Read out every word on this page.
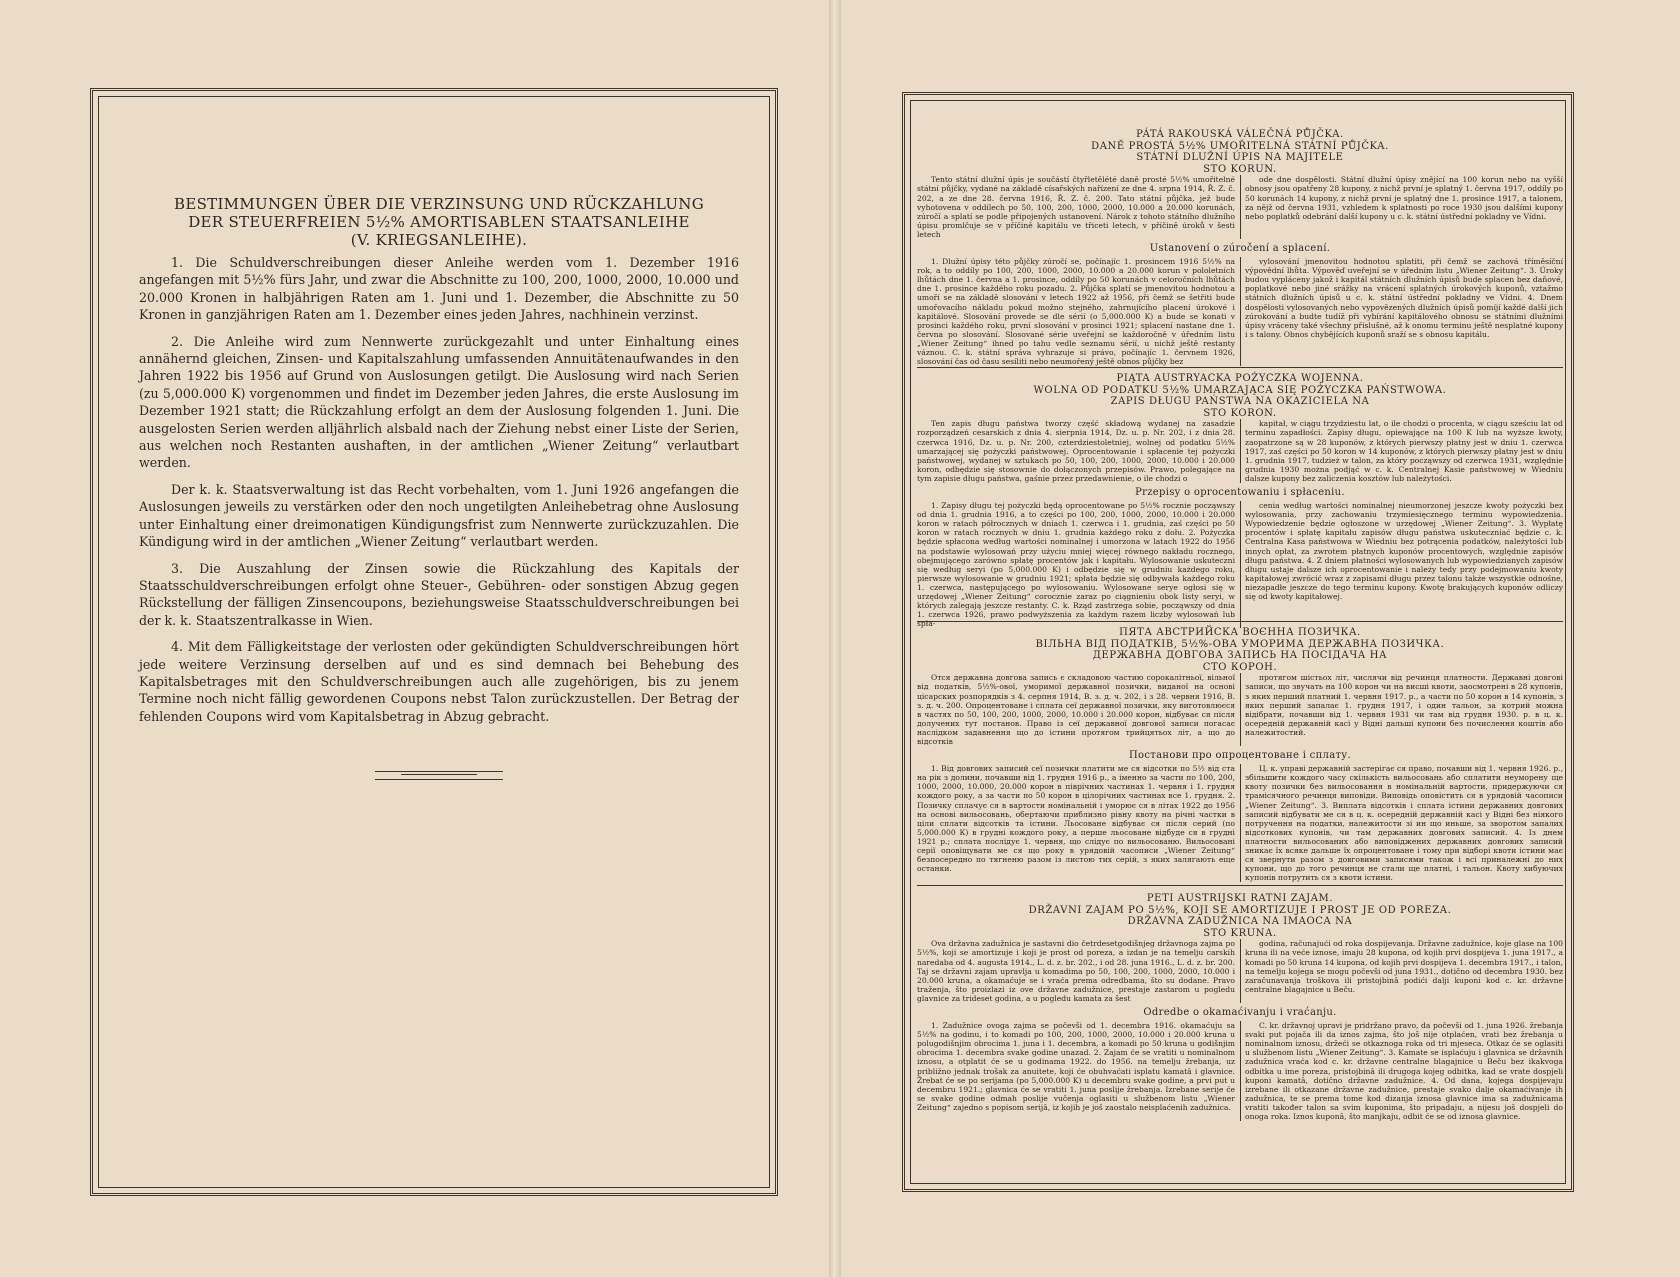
BESTIMMUNGEN ÜBER DIE VERZINSUNG UND RÜCKZAHLUNG
DER STEUERFREIEN 5½% AMORTISABLEN STAATSANLEIHE
(V. KRIEGSANLEIHE).

1. Die Schuldverschreibungen dieser Anleihe werden vom 1. Dezember 1916 angefangen mit 5½% fürs Jahr, und zwar die Abschnitte zu 100, 200, 1000, 2000, 10.000 und 20.000 Kronen in halbjährigen Raten am 1. Juni und 1. Dezember, die Abschnitte zu 50 Kronen in ganzjährigen Raten am 1. Dezember eines jeden Jahres, nachhinein verzinst.

2. Die Anleihe wird zum Nennwerte zurückgezahlt und unter Einhaltung eines annähernd gleichen, Zinsen- und Kapitalszahlung umfassenden Annuitätenaufwandes in den Jahren 1922 bis 1956 auf Grund von Auslosungen getilgt. Die Auslosung wird nach Serien (zu 5,000.000 K) vorgenommen und findet im Dezember jeden Jahres, die erste Auslosung im Dezember 1921 statt; die Rückzahlung erfolgt an dem der Auslosung folgenden 1. Juni. Die ausgelosten Serien werden alljährlich alsbald nach der Ziehung nebst einer Liste der Serien, aus welchen noch Restanten aushaften, in der amtlichen „Wiener Zeitung“ verlautbart werden.

Der k. k. Staatsverwaltung ist das Recht vorbehalten, vom 1. Juni 1926 angefangen die Auslosungen jeweils zu verstärken oder den noch ungetilgten Anleihebetrag ohne Auslosung unter Einhaltung einer dreimonatigen Kündigungsfrist zum Nennwerte zurückzuzahlen. Die Kündigung wird in der amtlichen „Wiener Zeitung“ verlautbart werden.

3. Die Auszahlung der Zinsen sowie die Rückzahlung des Kapitals der Staatsschuldverschreibungen erfolgt ohne Steuer-, Gebühren- oder sonstigen Abzug gegen Rückstellung der fälligen Zinsencoupons, beziehungsweise Staatsschuldverschreibungen bei der k. k. Staatszentralkasse in Wien.

4. Mit dem Fälligkeitstage der verlosten oder gekündigten Schuldverschreibungen hört jede weitere Verzinsung derselben auf und es sind demnach bei Behebung des Kapitalsbetrages mit den Schuldverschreibungen auch alle zugehörigen, bis zu jenem Termine noch nicht fällig gewordenen Coupons nebst Talon zurückzustellen. Der Betrag der fehlenden Coupons wird vom Kapitalsbetrag in Abzug gebracht.

PÁTÁ RAKOUSKÁ VÁLEČNÁ PŮJČKA.
DANĚ PROSTÁ 5½% UMOŘITELNÁ STÁTNÍ PŮJČKA.
STÁTNÍ DLUŽNÍ ÚPIS NA MAJITELE
STO KORUN.

Tento státní dlužní úpis je součástí čtyřletělété daně prosté 5½% umořitelné státní půjčky, vydané na základě císařských nařízení ze dne 4. srpna 1914, Ř. Z. č. 202, a ze dne 28. června 1916, Ř. Z. č. 200. Tato státní půjčka, jež bude vyhotovena v oddílech po 50, 100, 200, 1000, 2000, 10.000 a 20.000 korunách, zúročí a splatí se podle připojených ustanovení. Nárok z tohoto státního dlužního úpisu promlčuje se v příčině kapitálu ve třiceti letech, v příčině úroků v šesti letech

ode dne dospělosti. Státní dlužní úpisy znějící na 100 korun nebo na vyšší obnosy jsou opatřeny 28 kupony, z nichž první je splatný 1. června 1917, oddíly po 50 korunách 14 kupony, z nichž první je splatný dne 1. prosince 1917, a talonem, za nějž od června 1931, vzhledem k splatnosti po roce 1930 jsou dalšími kupony nebo poplatků odebrání další kupony u c. k. státní ústřední pokladny ve Vídni.

Ustanovení o zúročení a splacení.

1. Dlužní úpisy této půjčky zúročí se, počínajíc 1. prosincem 1916 5½% na rok, a to oddíly po 100, 200, 1000, 2000, 10.000 a 20.000 korun v pololetních lhůtách dne 1. června a 1. prosince, oddíly po 50 korunách v celoročních lhůtách dne 1. prosince každého roku pozadu. 2. Půjčka splatí se jmenovitou hodnotou a umoří se na základě slosování v letech 1922 až 1956, při čemž se šetřiti bude umořovacího nákladu pokud možno stejného, zahrnujícího placení úrokové i kapitálové. Slosování provede se dle sérií (o 5,000.000 K) a bude se konati v prosinci každého roku, první slosování v prosinci 1921; splacení nastane dne 1. června po slosování. Slosované série uveřejní se každoročně v úředním listu „Wiener Zeitung“ ihned po tahu vedle seznamu sérií, u nichž ještě restanty váznou. C. k. státní správa vyhrazuje si právo, počínajíc 1. červnem 1926, slosování čas od času sesíliti nebo neumořený ještě obnos půjčky bez

vylosování jmenovitou hodnotou splatiti, při čemž se zachová tříměsíční výpovědní lhůta. Výpověď uveřejní se v úředním listu „Wiener Zeitung“. 3. Úroky budou vypláceny jakož i kapitál státních dlužních úpisů bude splacen bez daňové, poplatkové nebo jiné srážky na vrácení splatných úrokových kuponů, vztažmo státních dlužních úpisů u c. k. státní ústřední pokladny ve Vídni. 4. Dnem dospělosti vylosovaných nebo vypovězených dlužních úpisů pomíjí každé další jich zúrokování a budte tudíž při vybírání kapitálového obnosu se státními dlužními úpisy vráceny také všechny příslušné, až k onomu terminu ještě nesplatné kupony i s talony. Obnos chybějících kuponů sraží se s obnosu kapitálu.

PIĄTA AUSTRYACKA POŻYCZKA WOJENNA.
WOLNA OD PODATKU 5½% UMARZAJĄCA SIĘ POŻYCZKA PAŃSTWOWA.
ZAPIS DŁUGU PAŃSTWA NA OKAZICIELA NA
STO KORON.

Ten zapis długu państwa tworzy część składową wydanej na zasadzie rozporządzeń cesarskich z dnia 4. sierpnia 1914, Dz. u. p. Nr. 202, i z dnia 28. czerwca 1916, Dz. u. p. Nr. 200, czterdziestoletniej, wolnej od podatku 5½% umarzającej się pożyczki państwowej. Oprocentowanie i spłacenie tej pożyczki państwowej, wydanej w sztukach po 50, 100, 200, 1000, 2000, 10.000 i 20.000 koron, odbędzie się stosownie do dołączonych przepisów. Prawo, polegające na tym zapisie długu państwa, gaśnie przez przedawnienie, o ile chodzi o

kapitał, w ciągu trzydziestu lat, o ile chodzi o procenta, w ciągu sześciu lat od terminu zapadłości. Zapisy długu, opiewające na 100 K lub na wyższe kwoty, zaopatrzone są w 28 kuponów, z których pierwszy płatny jest w dniu 1. czerwca 1917, zaś części po 50 koron w 14 kuponów, z których pierwszy płatny jest w dniu 1. grudnia 1917, tudzież w talon, za który począwszy od czerwca 1931, względnie grudnia 1930 można podjąć w c. k. Centralnej Kasie państwowej w Wiedniu dalsze kupony bez zaliczenia kosztów lub należytości.

Przepisy o oprocentowaniu i spłaceniu.

1. Zapisy długu tej pożyczki będą oprocentowane po 5½% rocznie począwszy od dnia 1. grudnia 1916, a to części po 100, 200, 1000, 2000, 10.000 i 20.000 koron w ratach półrocznych w dniach 1. czerwca i 1. grudnia, zaś części po 50 koron w ratach rocznych w dniu 1. grudnia każdego roku z dołu. 2. Pożyczka będzie spłacona według wartości nominalnej i umorzona w latach 1922 do 1956 na podstawie wylosowań przy użyciu mniej więcej równego nakładu rocznego, obejmującego zarówno spłatę procentów jak i kapitału. Wylosowanie uskuteczni się według seryi (po 5,000.000 K) i odbędzie się w grudniu każdego roku, pierwsze wylosowanie w grudniu 1921; spłata będzie się odbywała każdego roku 1. czerwca, następującego po wylosowaniu. Wylosowane serye ogłosi się w urzędowej „Wiener Zeitung“ corocznie zaraz po ciągnieniu obok listy seryi, w których zalegają jeszcze restanty. C. k. Rząd zastrzega sobie, począwszy od dnia 1. czerwca 1926, prawo podwyższenia za każdym razem liczby wylosowań lub spła-

cenia według wartości nominalnej nieumorzonej jeszcze kwoty pożyczki bez wylosowania, przy zachowaniu trzymiesięcznego terminu wypowiedzenia. Wypowiedzenie będzie ogłoszone w urzędowej „Wiener Zeitung“. 3. Wypłatę procentów i spłatę kapitału zapisów długu państwa uskuteczniać będzie c. k. Centralna Kasa państwowa w Wiedniu bez potrącenia podatków, należytości lub innych opłat, za zwrotem płatnych kuponów procentowych, względnie zapisów długu państwa. 4. Z dniem płatności wylosowanych lub wypowiedzianych zapisów długu ustaje dalsze ich oprocentowanie i należy tedy przy podejmowaniu kwoty kapitałowej zwrócić wraz z zapisami długu przez talonu także wszystkie odnośne, niezapadłe jeszcze do tego terminu kupony. Kwotę brakujących kuponów odliczy się od kwoty kapitałowej.

ПЯТА АВСТРИЙСКА ВОЄННА ПОЗИЧКА.
ВІЛЬНА ВІД ПОДАТКІВ, 5½%-ОВА УМОРИМА ДЕРЖАВНА ПОЗИЧКА.
ДЕРЖАВНА ДОВГОВА ЗАПИСЬ НА ПОСІДАЧА НА
СТО КОРОН.

Отся державна довгова запись є складовою частию сорокалітньої, вільної від податків, 5½%-ової, уморимої державної позички, виданої на основі цісарских розпорядків з 4. серпня 1914, В. з. д. ч. 202, і з 28. червня 1916, В. з. д. ч. 200. Опроцентоване і сплата сеї державної позички, яку виготовлюєся в частях по 50, 100, 200, 1000, 2000, 10.000 і 20.000 корон, відбуває ся після долучених тут постанов. Право із сеї державної довгової записи погасає наслідком задавнення що до істини протягом трийцятьох літ, а що до відсотків

протягом шістьох літ, числячи від речинця платности. Державні довгові записи, що звучать на 100 корон чи на висші квоти, заосмотрені в 28 купонів, з яких перший платний 1. червня 1917. р., а части по 50 корон в 14 купонів, з яких перший запалає 1. грудня 1917, і один тальон, за котрий можна відібрати, почавши від 1. червня 1931 чи там від грудня 1930. р. в ц. к. осередній державній касі у Відні дальші купони без почислення коштів або належитостий.

Постанови про опроцентоване і сплату.

1. Від довгових записий сеї позички платити ме ся відсотки по 5½ від ста на рік з долини, почавши від 1. грудня 1916 р., а іменно за части по 100, 200, 1000, 2000, 10.000, 20.000 корон в піврічних частинах 1. червня і 1. грудня кождого року, а за части по 50 корон в цілорічних частинах все 1. грудня. 2. Позичку сплачує ся в вартости номінальній і уморює ся в літах 1922 до 1956 на основі вильосовань, обертаючи приблизно рівну квоту на річні частки в ціли сплати відсотків та істини. Льосоване відбуває ся після серий (по 5,000.000 К) в грудні кождого року, а перше льосоване відбуде ся в грудні 1921 р.; сплата послідує 1. червня, що слідує по вильосованю. Вильосовані серії оповіщувати ме ся що року в урядовій часописи „Wiener Zeitung“ безпосередно по тягненю разом із листою тих серій, з яких залягають еще останки.

Ц. к. управі державній застерігає ся право, почавши від 1. червня 1926. р., збільшити кождого часу скількість вильосовань або сплатити неуморену ще квоту позички без вильосовання в номінальній вартости, придержуючи ся трамісячного речинця виповіди. Виповідь оповістить ся в урядовій часописи „Wiener Zeitung“. 3. Виплата відсотків і сплата істини державних довгових записий відбувати ме ся в ц. к. осередній державній касі у Відні без ніякого потручення на податки, належитости зі ин що иньше, за зворотом запалих відсоткових купонів, чи там державних довгових записий. 4. Із днем платности вильосованих або виповіджених державних довгових записий зникає їх всяке дальше їх опроцентоване і тому при відборі квоти істини має ся звернути разом з довговими записями також і всі приналежні до них купони, що до того речинця не стали ще платні, і тальон. Квоту хибуючих купонів потрутить ся з квоти істини.

PETI AUSTRIJSKI RATNI ZAJAM.
DRŽAVNI ZAJAM PO 5½%, KOJI SE AMORTIZUJE I PROST JE OD POREZA.
DRŽAVNA ZADUŽNICA NA IMAOCA NA
STO KRUNA.

Ova državna zadužnica je sastavni dio četrdesetgodišnjeg državnoga zajma po 5½%, koji se amortizuje i koji je prost od poreza, a izdan je na temelju carskih naredaba od 4. augusta 1914., L. d. z. br. 202., i od 28. juna 1916., L. d. z. br. 200. Taj se državni zajam upravlja u komadima po 50, 100, 200, 1000, 2000, 10.000 i 20.000 kruna, a okamaćuje se i vraća prema odredbama, što su dodane. Pravo traženja, što proizlazi iz ove državne zadužnice, prestaje zastarom u pogledu glavnice za trideset godina, a u pogledu kamata za šest

godina, računajući od roka dospijevanja. Državne zadužnice, koje glase na 100 kruna ili na veće iznose, imaju 28 kupona, od kojih prvi dospijeva 1. juna 1917., a komadi po 50 kruna 14 kupona, od kojih prvi dospijeva 1. decembra 1917., i talon, na temelju kojega se mogu počevši od juna 1931., dotično od decembra 1930. bez zaračunavanja troškova ili pristojbinâ podići dalji kuponi kod c. kr. državne centralne blagajnice u Beču.

Odredbe o okamaćivanju i vraćanju.

1. Zadužnice ovoga zajma se počevši od 1. decembra 1916. okamaćuju sa 5½% na godinu, i to komadi po 100, 200, 1000, 2000, 10.000 i 20.000 kruna u polugodišnjim obrocima 1. juna i 1. decembra, a komadi po 50 kruna u godišnjim obrocima 1. decembra svake godine unazad. 2. Zajam će se vratiti u nominalnom iznosu, a otplatit će se u godinama 1922. do 1956. na temelju žrebanja, uz približno jednak trošak za anuitete, koji će obuhvaćati isplatu kamatâ i glavnice. Žrebat će se po serijama (po 5,000.000 K) u decembru svake godine, a prvi put u decembru 1921.; glavnica će se vratiti 1. juna poslije žrebanja. Izrebane serije će se svake godine odmah poslije vučenja oglasiti u službenom listu „Wiener Zeitung“ zajedno s popisom serijâ, iz kojih je još zaostalo neisplaćenih zadužnica.

C. kr. državnoj upravi je pridržano pravo, da počevši od 1. juna 1926. žrebanja svaki put pojača ili da iznos zajma, što još nije otplaćen, vrati bez žrebanja u nominalnom iznosu, držeći se otkaznoga roka od tri mjeseca. Otkaz će se oglasiti u službenom listu „Wiener Zeitung“. 3. Kamate se isplaćuju i glavnica se državnih zadužnica vraća kod c. kr. državne centralne blagajnice u Beču bez ikakvoga odbitka u ime poreza, pristojbinâ ili drugoga kojeg odbitka, kad se vrate dospjeli kuponi kamatâ, dotično državne zadužnice. 4. Od dana, kojega dospijevaju izrebane ili otkazane državne zadužnice, prestaje svako dalje okamaćivanje ih zadužnica, te se prema tome kod dizanja iznosa glavnice ima sa zadužnicama vratiti također talon sa svim kuponima, što pripadaju, a nijesu još dospjeli do onoga roka. Iznos kuponâ, što manjkaju, odbit će se od iznosa glavnice.
